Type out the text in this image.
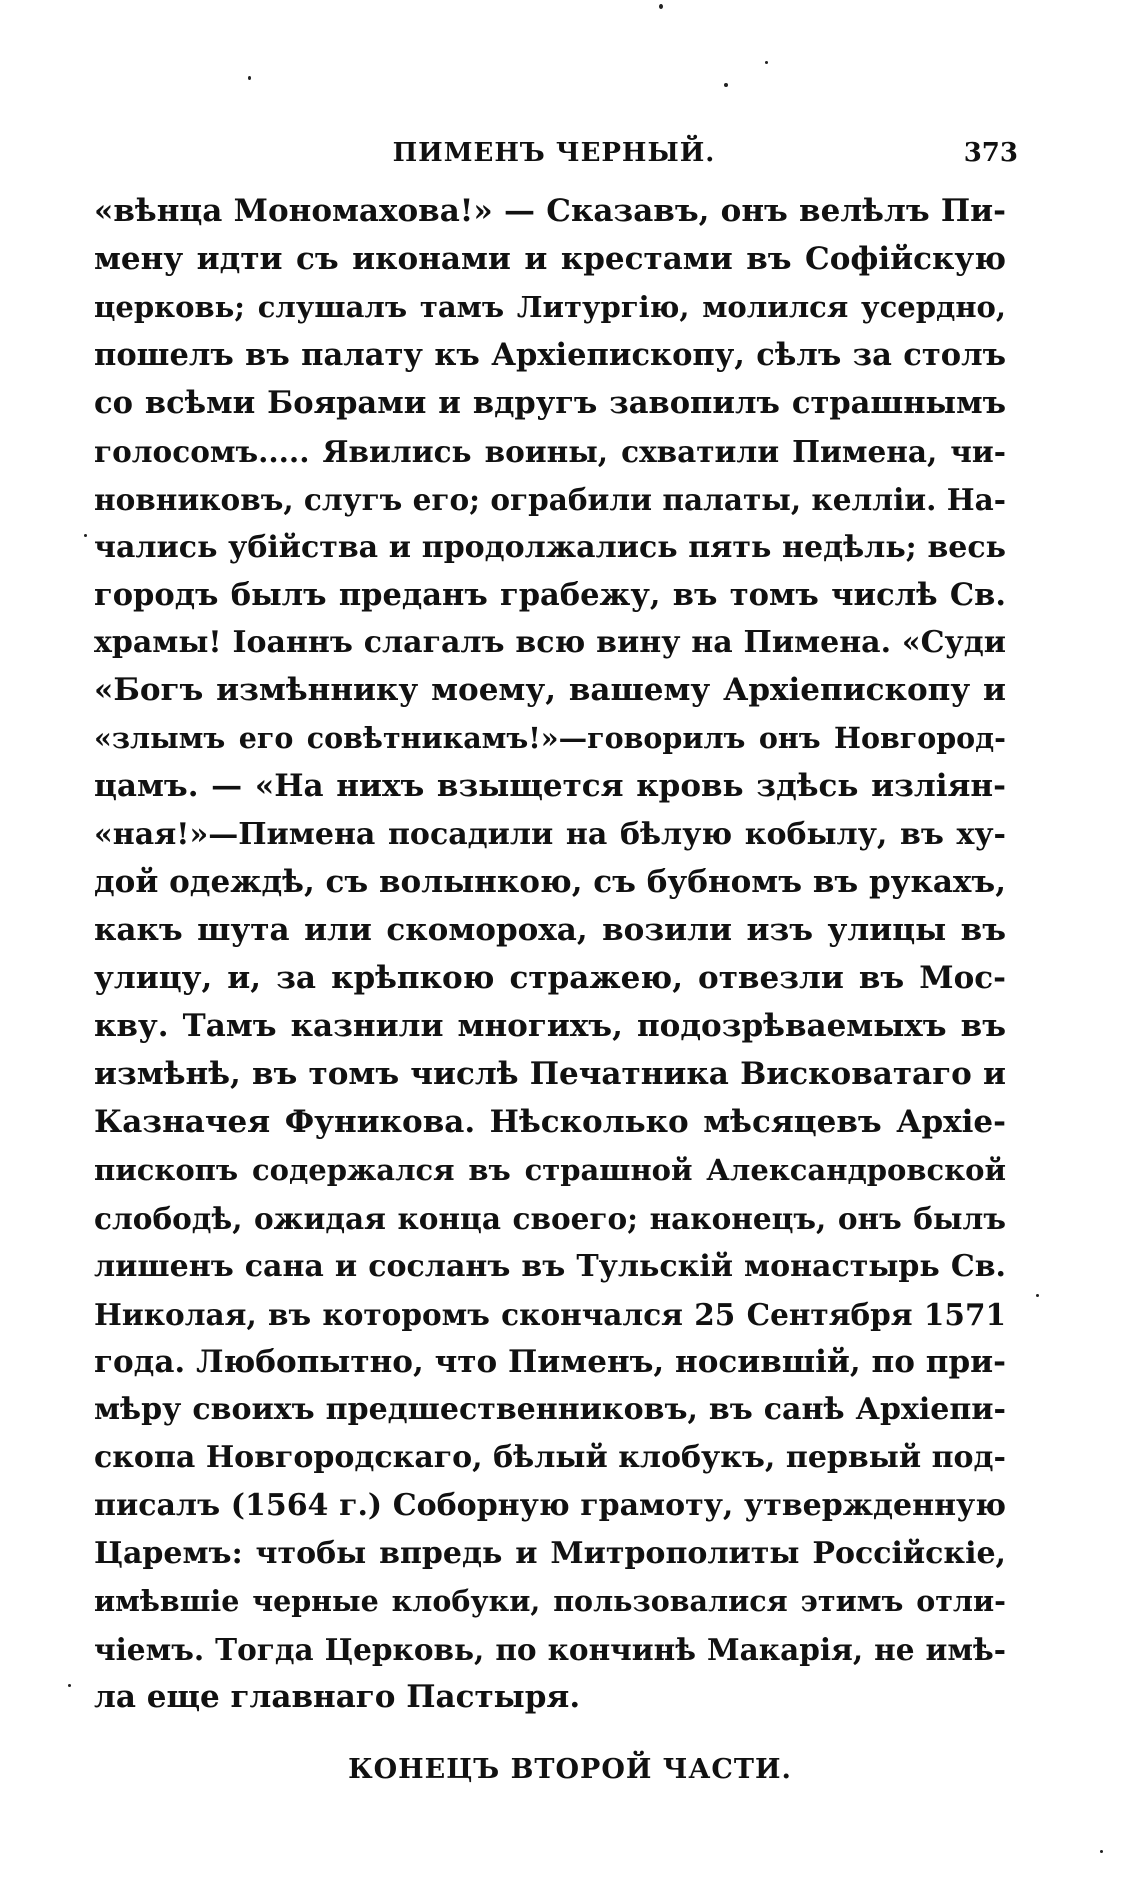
ПИМЕНЪ ЧЕРНЫЙ.	373
«вѣнца Мономахова!» — Сказавъ, онъ велѣлъ Пи-
мену идти съ иконами и крестами въ Софійскую
церковь; слушалъ тамъ Литургію, молился усердно,
пошелъ въ палату къ Архіепископу, сѣлъ за столъ
со всѣми Боярами и вдругъ завопилъ страшнымъ
голосомъ..... Явились воины, схватили Пимена, чи-
новниковъ, слугъ его; ограбили палаты, келліи. На-
чались убійства и продолжались пять недѣль; весь
городъ былъ преданъ грабежу, въ томъ числѣ Св.
храмы! Іоаннъ слагалъ всю вину на Пимена. «Суди
«Богъ измѣннику моему, вашему Архіепископу и
«злымъ его совѣтникамъ!»—говорилъ онъ Новгород-
цамъ. — «На нихъ взыщется кровь здѣсь изліян-
«ная!»—Пимена посадили на бѣлую кобылу, въ ху-
дой одеждѣ, съ волынкою, съ бубномъ въ рукахъ,
какъ шута или скомороха, возили изъ улицы въ
улицу, и, за крѣпкою стражею, отвезли въ Мос-
кву. Тамъ казнили многихъ, подозрѣваемыхъ въ
измѣнѣ, въ томъ числѣ Печатника Висковатаго и
Казначея Фуникова. Нѣсколько мѣсяцевъ Архіе-
пископъ содержался въ страшной Александровской
слободѣ, ожидая конца своего; наконецъ, онъ былъ
лишенъ сана и сосланъ въ Тульскій монастырь Св.
Николая, въ которомъ скончался 25 Сентября 1571
года. Любопытно, что Пименъ, носившій, по при-
мѣру своихъ предшественниковъ, въ санѣ Архіепи-
скопа Новгородскаго, бѣлый клобукъ, первый под-
писалъ (1564 г.) Соборную грамоту, утвержденную
Царемъ: чтобы впредь и Митрополиты Россійскіе,
имѣвшіе черные клобуки, пользовалися этимъ отли-
чіемъ. Тогда Церковь, по кончинѣ Макарія, не имѣ-
ла еще главнаго Пастыря.
КОНЕЦЪ ВТОРОЙ ЧАСТИ.
